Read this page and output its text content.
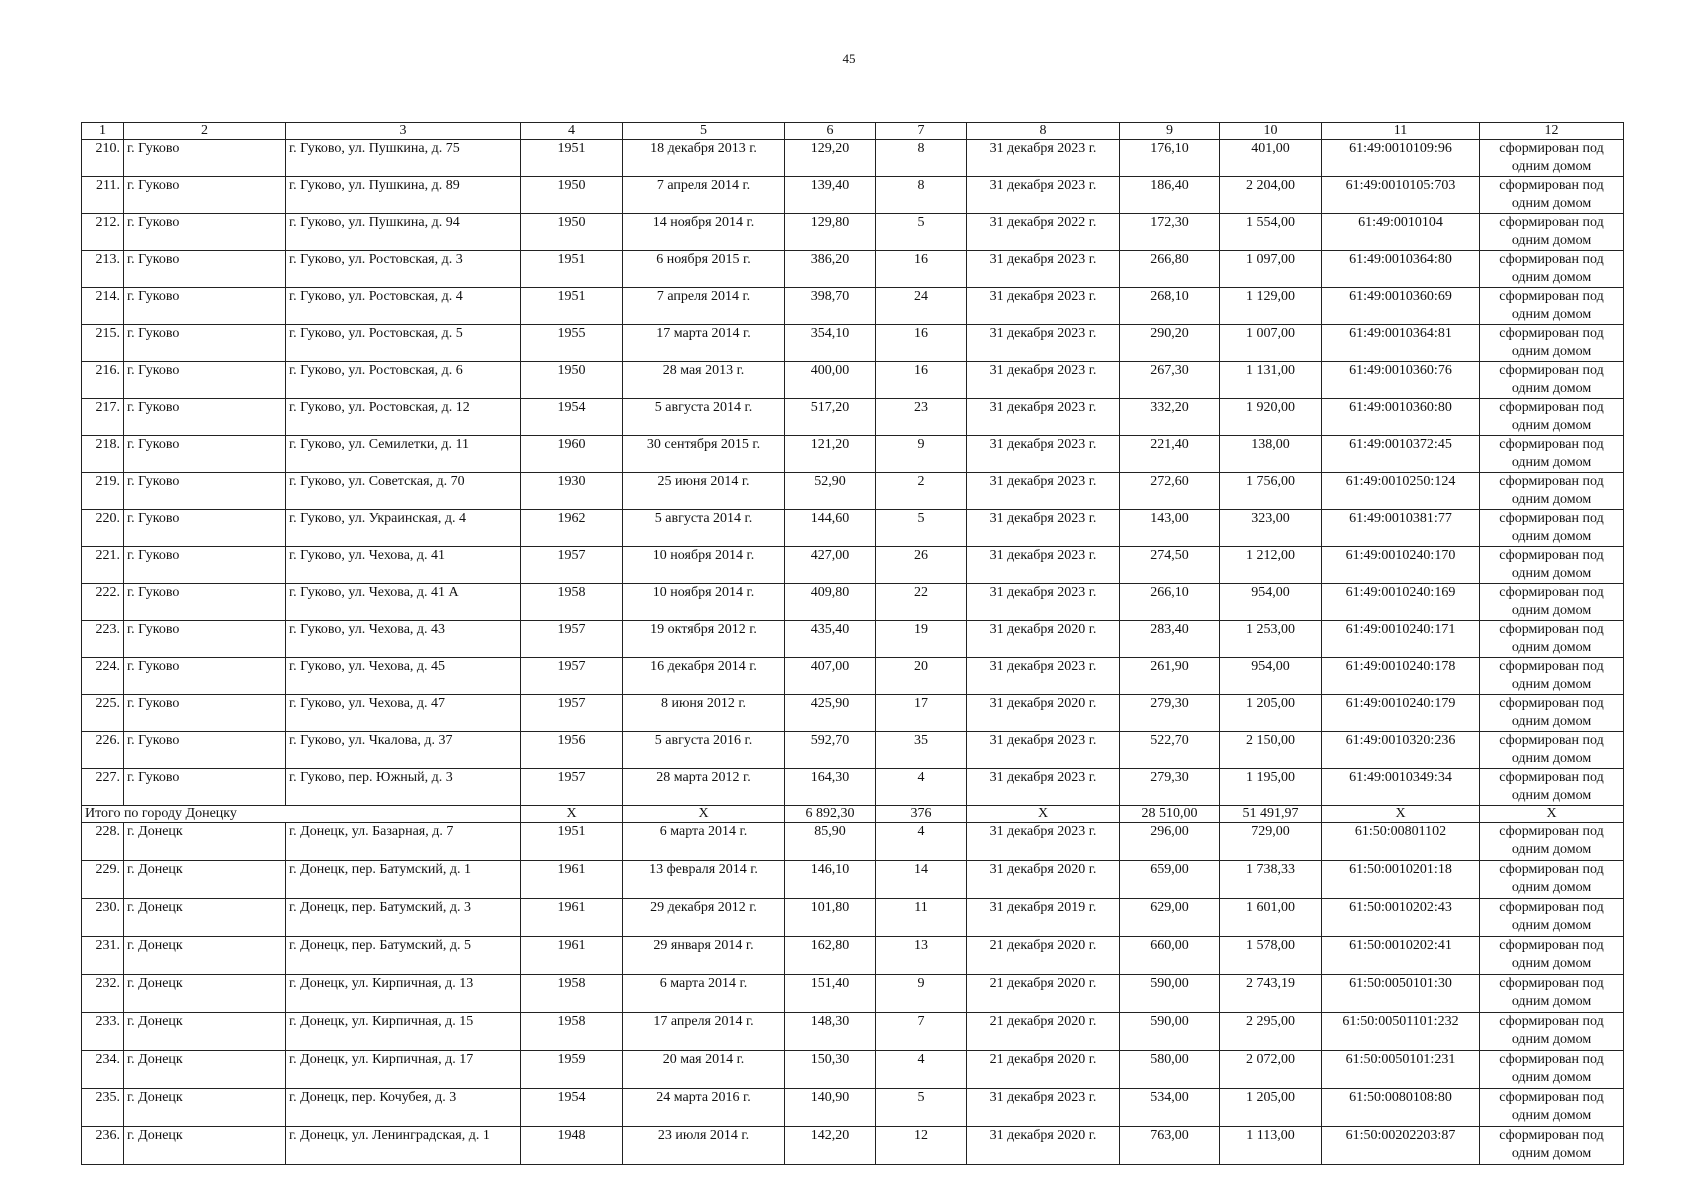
45
1	2	3	4	5	6	7	8	9	10	11	12
210.	г. Гуково	г. Гуково, ул. Пушкина, д. 75	1951	18 декабря 2013 г.	129,20	8	31 декабря 2023 г.	176,10	401,00	61:49:0010109:96	сформирован под одним домом
211.	г. Гуково	г. Гуково, ул. Пушкина, д. 89	1950	7 апреля 2014 г.	139,40	8	31 декабря 2023 г.	186,40	2 204,00	61:49:0010105:703	сформирован под одним домом
212.	г. Гуково	г. Гуково, ул. Пушкина, д. 94	1950	14 ноября 2014 г.	129,80	5	31 декабря 2022 г.	172,30	1 554,00	61:49:0010104	сформирован под одним домом
213.	г. Гуково	г. Гуково, ул. Ростовская, д. 3	1951	6 ноября 2015 г.	386,20	16	31 декабря 2023 г.	266,80	1 097,00	61:49:0010364:80	сформирован под одним домом
214.	г. Гуково	г. Гуково, ул. Ростовская, д. 4	1951	7 апреля 2014 г.	398,70	24	31 декабря 2023 г.	268,10	1 129,00	61:49:0010360:69	сформирован под одним домом
215.	г. Гуково	г. Гуково, ул. Ростовская, д. 5	1955	17 марта 2014 г.	354,10	16	31 декабря 2023 г.	290,20	1 007,00	61:49:0010364:81	сформирован под одним домом
216.	г. Гуково	г. Гуково, ул. Ростовская, д. 6	1950	28 мая 2013 г.	400,00	16	31 декабря 2023 г.	267,30	1 131,00	61:49:0010360:76	сформирован под одним домом
217.	г. Гуково	г. Гуково, ул. Ростовская, д. 12	1954	5 августа 2014 г.	517,20	23	31 декабря 2023 г.	332,20	1 920,00	61:49:0010360:80	сформирован под одним домом
218.	г. Гуково	г. Гуково, ул. Семилетки, д. 11	1960	30 сентября 2015 г.	121,20	9	31 декабря 2023 г.	221,40	138,00	61:49:0010372:45	сформирован под одним домом
219.	г. Гуково	г. Гуково, ул. Советская, д. 70	1930	25 июня 2014 г.	52,90	2	31 декабря 2023 г.	272,60	1 756,00	61:49:0010250:124	сформирован под одним домом
220.	г. Гуково	г. Гуково, ул. Украинская, д. 4	1962	5 августа 2014 г.	144,60	5	31 декабря 2023 г.	143,00	323,00	61:49:0010381:77	сформирован под одним домом
221.	г. Гуково	г. Гуково, ул. Чехова, д. 41	1957	10 ноября 2014 г.	427,00	26	31 декабря 2023 г.	274,50	1 212,00	61:49:0010240:170	сформирован под одним домом
222.	г. Гуково	г. Гуково, ул. Чехова, д. 41 А	1958	10 ноября 2014 г.	409,80	22	31 декабря 2023 г.	266,10	954,00	61:49:0010240:169	сформирован под одним домом
223.	г. Гуково	г. Гуково, ул. Чехова, д. 43	1957	19 октября 2012 г.	435,40	19	31 декабря 2020 г.	283,40	1 253,00	61:49:0010240:171	сформирован под одним домом
224.	г. Гуково	г. Гуково, ул. Чехова, д. 45	1957	16 декабря 2014 г.	407,00	20	31 декабря 2023 г.	261,90	954,00	61:49:0010240:178	сформирован под одним домом
225.	г. Гуково	г. Гуково, ул. Чехова, д. 47	1957	8 июня 2012 г.	425,90	17	31 декабря 2020 г.	279,30	1 205,00	61:49:0010240:179	сформирован под одним домом
226.	г. Гуково	г. Гуково, ул. Чкалова, д. 37	1956	5 августа 2016 г.	592,70	35	31 декабря 2023 г.	522,70	2 150,00	61:49:0010320:236	сформирован под одним домом
227.	г. Гуково	г. Гуково, пер. Южный, д. 3	1957	28 марта 2012 г.	164,30	4	31 декабря 2023 г.	279,30	1 195,00	61:49:0010349:34	сформирован под одним домом
Итого по городу Донецку			X	X	6 892,30	376	X	28 510,00	51 491,97	X	X
228.	г. Донецк	г. Донецк, ул. Базарная, д. 7	1951	6 марта 2014 г.	85,90	4	31 декабря 2023 г.	296,00	729,00	61:50:00801102	сформирован под одним домом
229.	г. Донецк	г. Донецк, пер. Батумский, д. 1	1961	13 февраля 2014 г.	146,10	14	31 декабря 2020 г.	659,00	1 738,33	61:50:0010201:18	сформирован под одним домом
230.	г. Донецк	г. Донецк, пер. Батумский, д. 3	1961	29 декабря 2012 г.	101,80	11	31 декабря 2019 г.	629,00	1 601,00	61:50:0010202:43	сформирован под одним домом
231.	г. Донецк	г. Донецк, пер. Батумский, д. 5	1961	29 января 2014 г.	162,80	13	21 декабря 2020 г.	660,00	1 578,00	61:50:0010202:41	сформирован под одним домом
232.	г. Донецк	г. Донецк, ул. Кирпичная, д. 13	1958	6 марта 2014 г.	151,40	9	21 декабря 2020 г.	590,00	2 743,19	61:50:0050101:30	сформирован под одним домом
233.	г. Донецк	г. Донецк, ул. Кирпичная, д. 15	1958	17 апреля 2014 г.	148,30	7	21 декабря 2020 г.	590,00	2 295,00	61:50:00501101:232	сформирован под одним домом
234.	г. Донецк	г. Донецк, ул. Кирпичная, д. 17	1959	20 мая 2014 г.	150,30	4	21 декабря 2020 г.	580,00	2 072,00	61:50:0050101:231	сформирован под одним домом
235.	г. Донецк	г. Донецк, пер. Кочубея, д. 3	1954	24 марта 2016 г.	140,90	5	31 декабря 2023 г.	534,00	1 205,00	61:50:0080108:80	сформирован под одним домом
236.	г. Донецк	г. Донецк, ул. Ленинградская, д. 1	1948	23 июля 2014 г.	142,20	12	31 декабря 2020 г.	763,00	1 113,00	61:50:00202203:87	сформирован под одним домом
